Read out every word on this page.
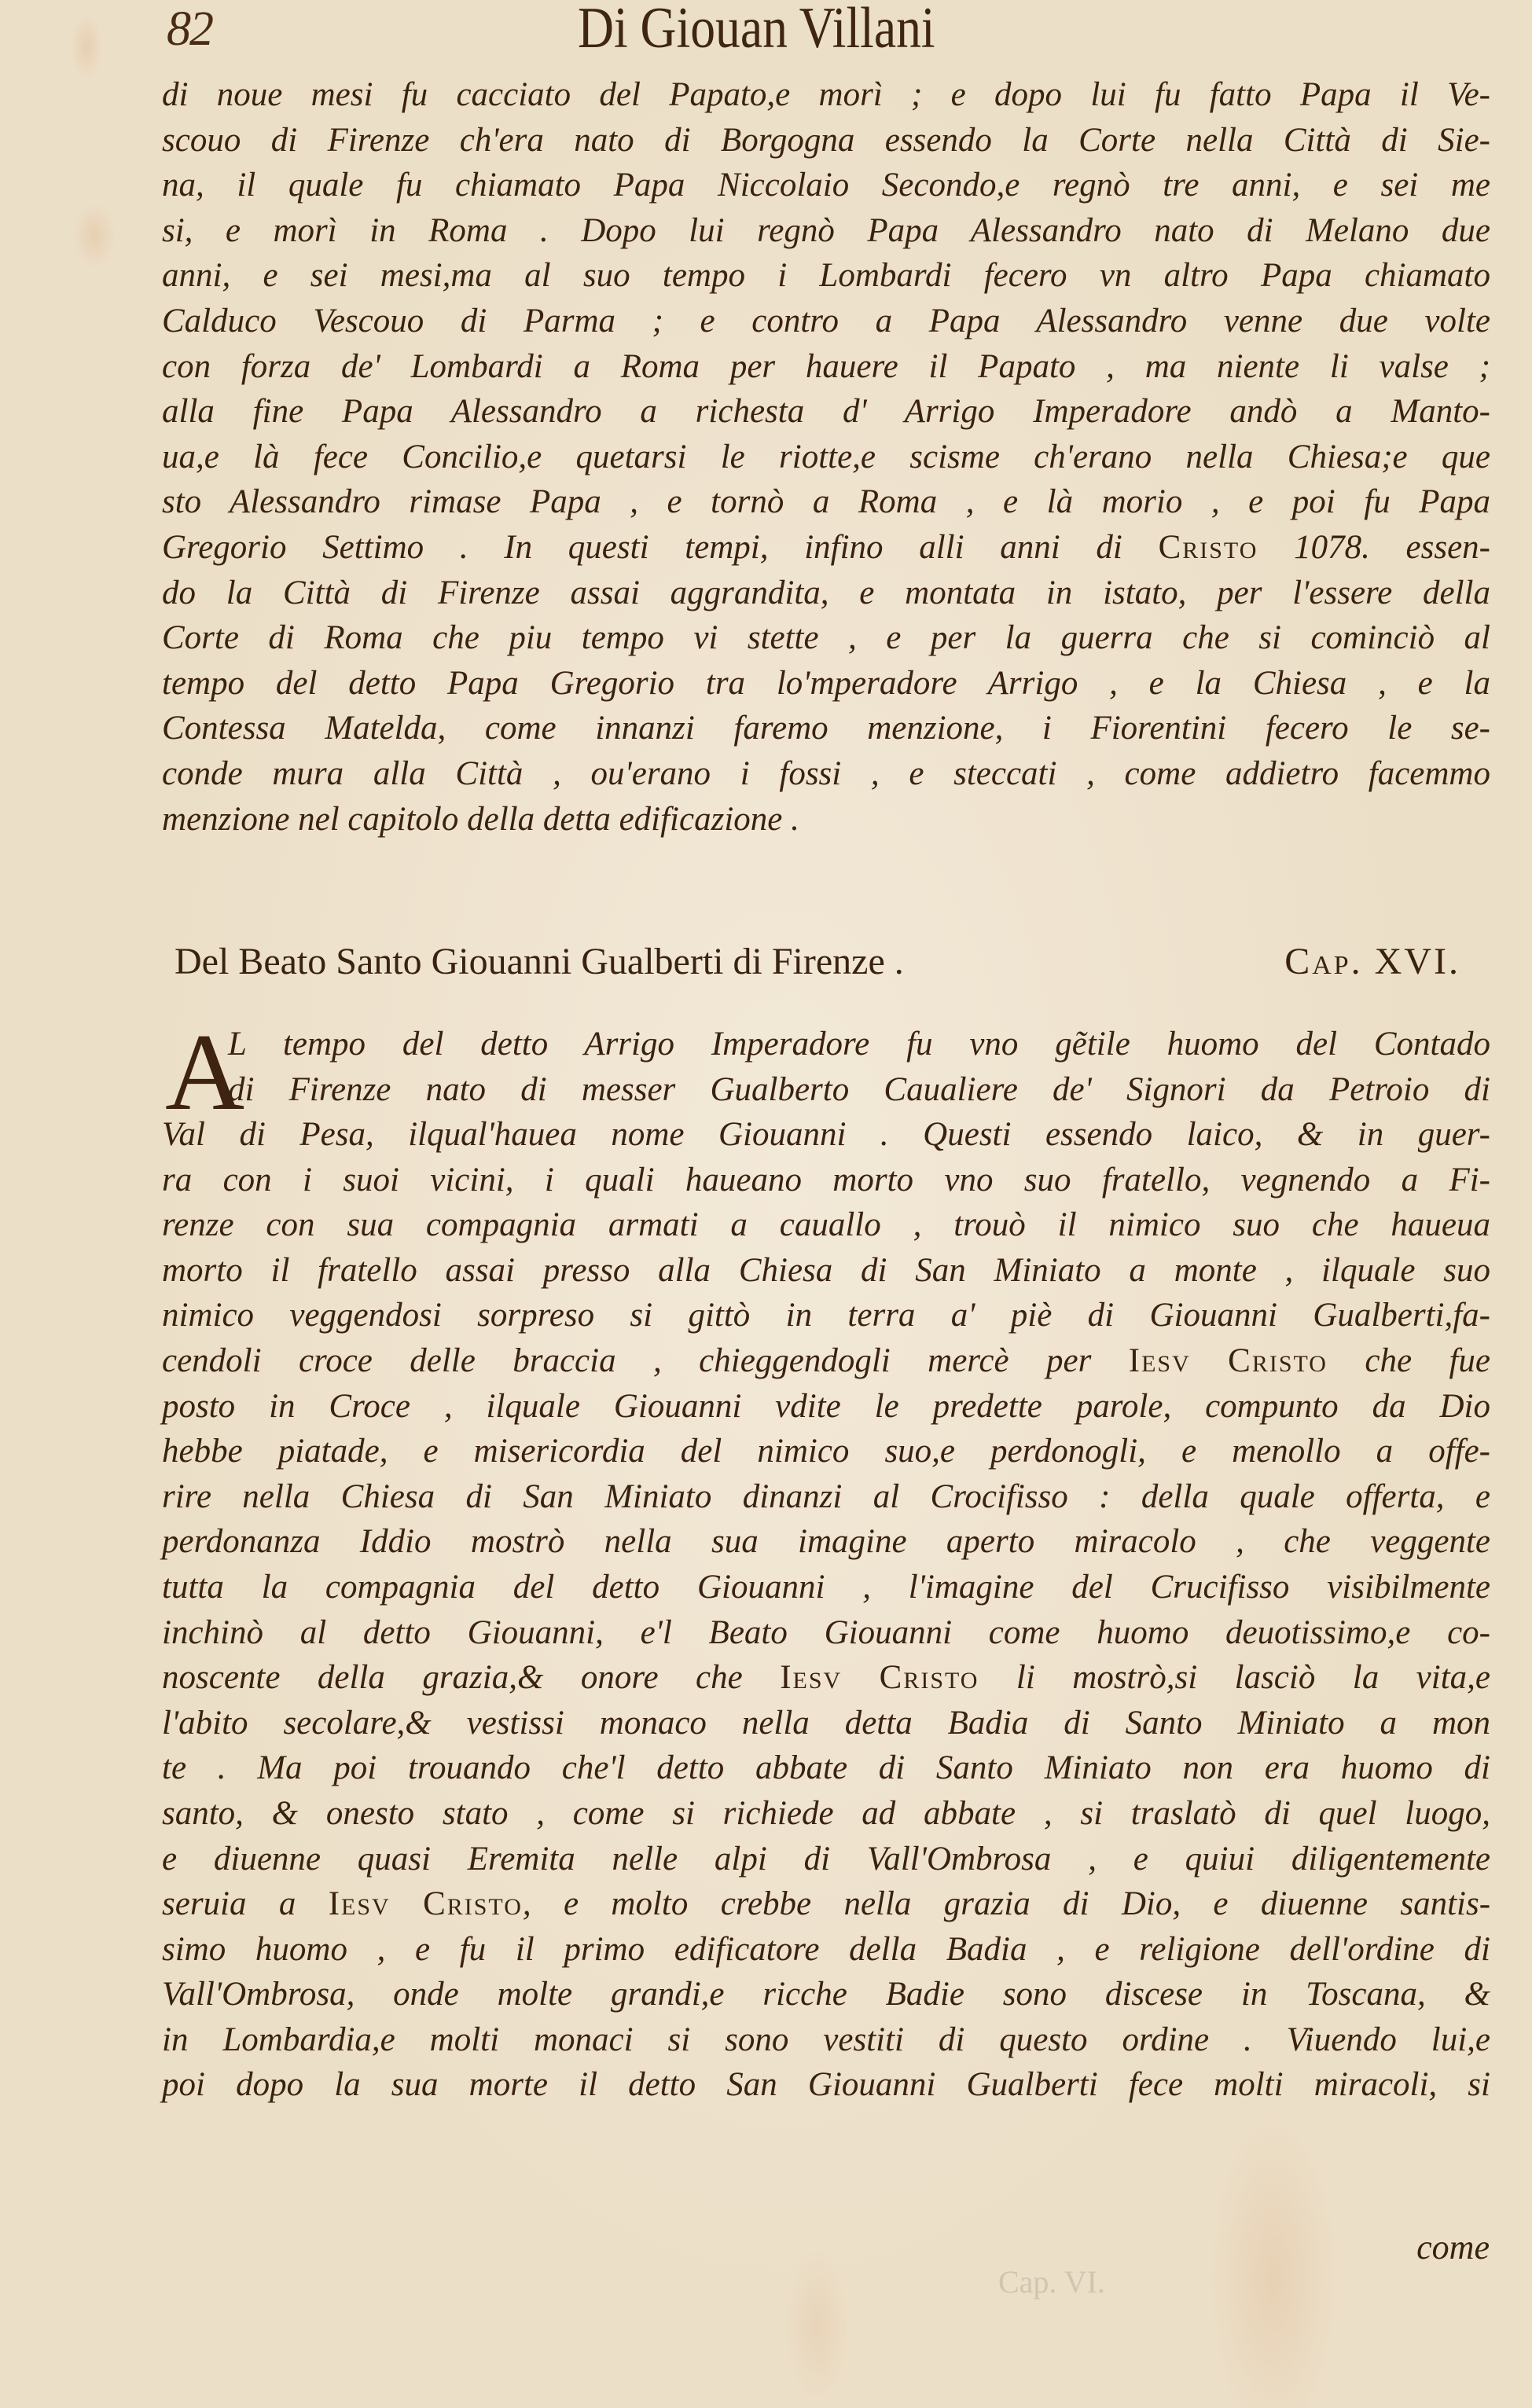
82	Di Giouan Villani
di noue mesi fu cacciato del Papato,e morì ; e dopo lui fu fatto Papa il Ve-
scouo di Firenze ch'era nato di Borgogna essendo la Corte nella Città di Sie-
na, il quale fu chiamato Papa Niccolaio Secondo,e regnò tre anni, e sei me
si, e morì in Roma . Dopo lui regnò Papa Alessandro nato di Melano due
anni, e sei mesi,ma al suo tempo i Lombardi fecero vn altro Papa chiamato
Calduco Vescouo di Parma ; e contro a Papa Alessandro venne due volte
con forza de' Lombardi a Roma per hauere il Papato , ma niente li valse ;
alla fine Papa Alessandro a richesta d' Arrigo Imperadore andò a Manto-
ua,e là fece Concilio,e quetarsi le riotte,e scisme ch'erano nella Chiesa;e que
sto Alessandro rimase Papa , e tornò a Roma , e là morio , e poi fu Papa
Gregorio Settimo . In questi tempi, infino alli anni di Cristo 1078. essen-
do la Città di Firenze assai aggrandita, e montata in istato, per l'essere della
Corte di Roma che piu tempo vi stette , e per la guerra che si cominciò al
tempo del detto Papa Gregorio tra lo'mperadore Arrigo , e la Chiesa , e la
Contessa Matelda, come innanzi faremo menzione, i Fiorentini fecero le se-
conde mura alla Città , ou'erano i fossi , e steccati , come addietro facemmo
menzione nel capitolo della detta edificazione .
Del Beato Santo Giouanni Gualberti di Firenze .	Cap. XVI.
A
L tempo del detto Arrigo Imperadore fu vno gẽtile huomo del Contado
di Firenze nato di messer Gualberto Caualiere de' Signori da Petroio di
Val di Pesa, ilqual'hauea nome Giouanni . Questi essendo laico, & in guer-
ra con i suoi vicini, i quali haueano morto vno suo fratello, vegnendo a Fi-
renze con sua compagnia armati a cauallo , trouò il nimico suo che haueua
morto il fratello assai presso alla Chiesa di San Miniato a monte , ilquale suo
nimico veggendosi sorpreso si gittò in terra a' piè di Giouanni Gualberti,fa-
cendoli croce delle braccia , chieggendogli mercè per Iesv Cristo che fue
posto in Croce , ilquale Giouanni vdite le predette parole, compunto da Dio
hebbe piatade, e misericordia del nimico suo,e perdonogli, e menollo a offe-
rire nella Chiesa di San Miniato dinanzi al Crocifisso : della quale offerta, e
perdonanza Iddio mostrò nella sua imagine aperto miracolo , che veggente
tutta la compagnia del detto Giouanni , l'imagine del Crucifisso visibilmente
inchinò al detto Giouanni, e'l Beato Giouanni come huomo deuotissimo,e co-
noscente della grazia,& onore che Iesv Cristo li mostrò,si lasciò la vita,e
l'abito secolare,& vestissi monaco nella detta Badia di Santo Miniato a mon
te . Ma poi trouando che'l detto abbate di Santo Miniato non era huomo di
santo, & onesto stato , come si richiede ad abbate , si traslatò di quel luogo,
e diuenne quasi Eremita nelle alpi di Vall'Ombrosa , e quiui diligentemente
seruia a Iesv Cristo, e molto crebbe nella grazia di Dio, e diuenne santis-
simo huomo , e fu il primo edificatore della Badia , e religione dell'ordine di
Vall'Ombrosa, onde molte grandi,e ricche Badie sono discese in Toscana, &
in Lombardia,e molti monaci si sono vestiti di questo ordine . Viuendo lui,e
poi dopo la sua morte il detto San Giouanni Gualberti fece molti miracoli, si
come
Cap. VI.
